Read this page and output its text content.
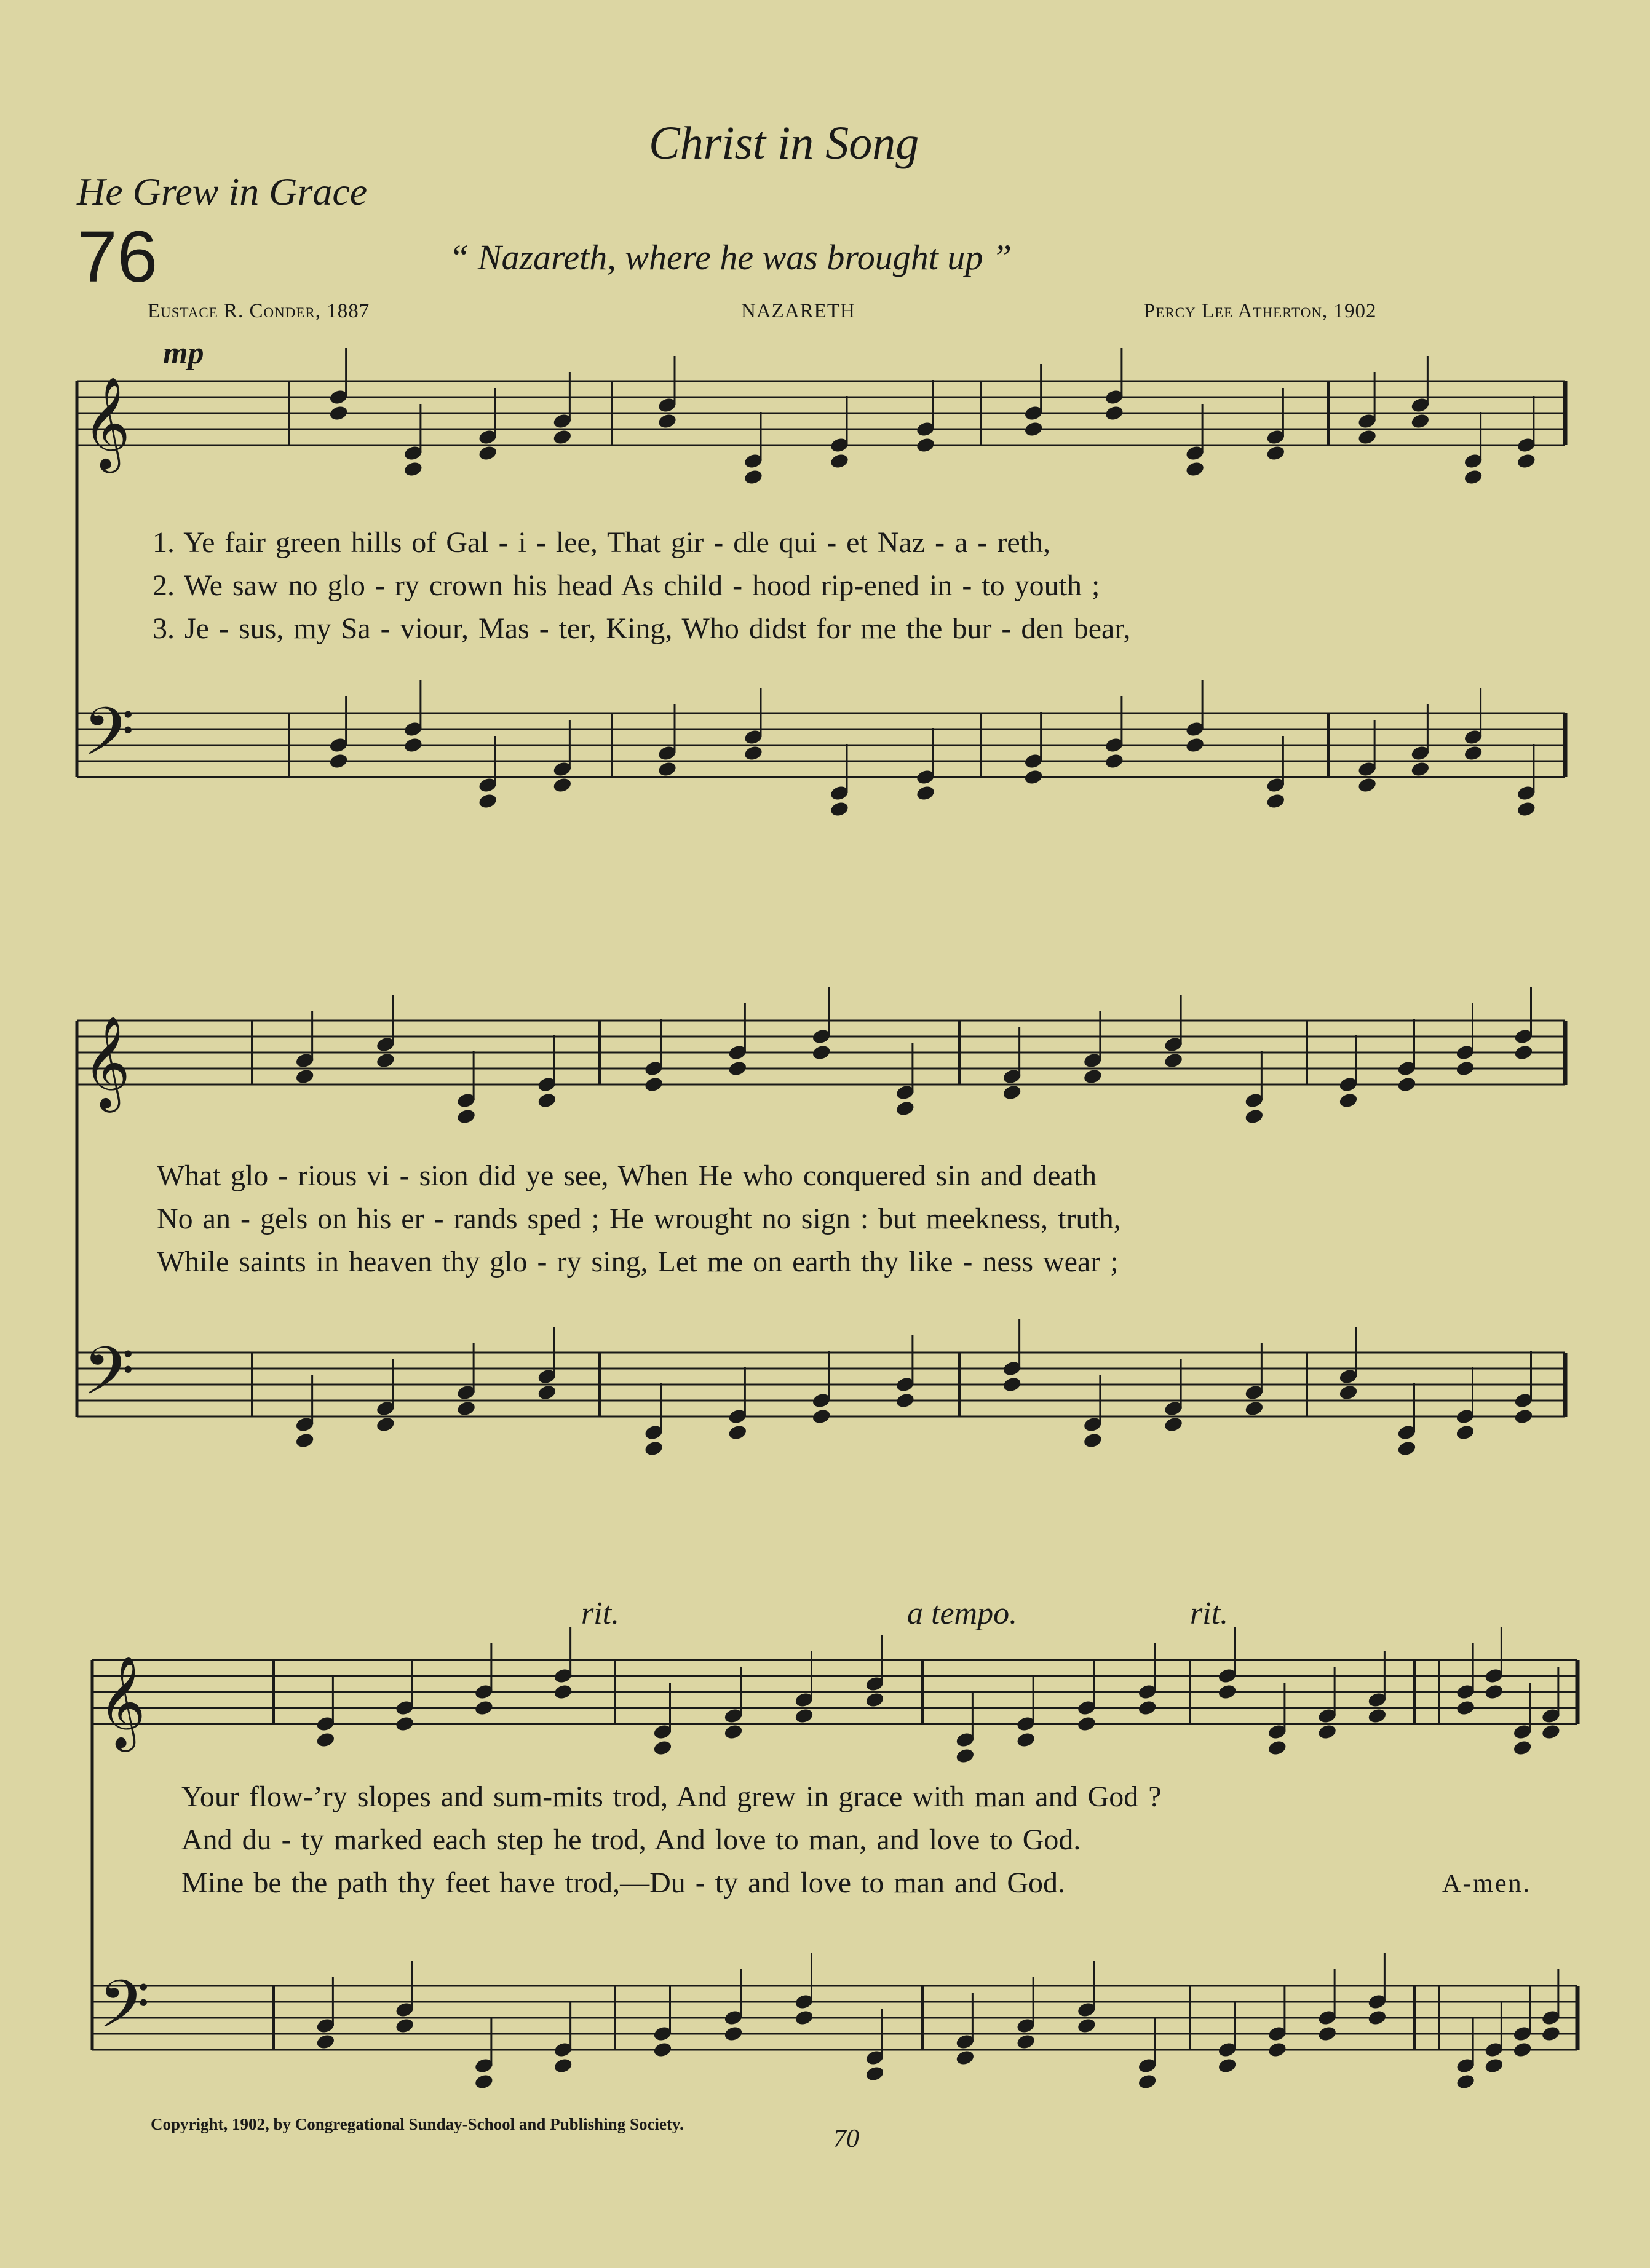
Christ in Song
He Grew in Grace
76	“ Nazareth, where he was brought up ”
Eustace R. Conder, 1887	NAZARETH	Percy Lee Atherton, 1902
mp
𝄞
𝄢
𝄞
𝄢
𝄞
𝄢
1. Ye fair green hills of Gal - i - lee, That gir - dle qui - et Naz - a - reth,
2. We saw no glo - ry crown his head As child - hood rip-ened in - to youth ;
3. Je - sus, my Sa - viour, Mas - ter, King, Who didst for me the bur - den bear,
What glo - rious vi - sion did ye see, When He who conquered sin and death
No an - gels on his er - rands sped ; He wrought no sign : but meekness, truth,
While saints in heaven thy glo - ry sing, Let me on earth thy like - ness wear ;
rit.	a tempo.	rit.
Your flow-’ry slopes and sum-mits trod, And grew in grace with man and God ?
And du - ty marked each step he trod, And love to man, and love to God.
Mine be the path thy feet have trod,—Du - ty and love to man and God.	A-men.
Copyright, 1902, by Congregational Sunday-School and Publishing Society.
70
